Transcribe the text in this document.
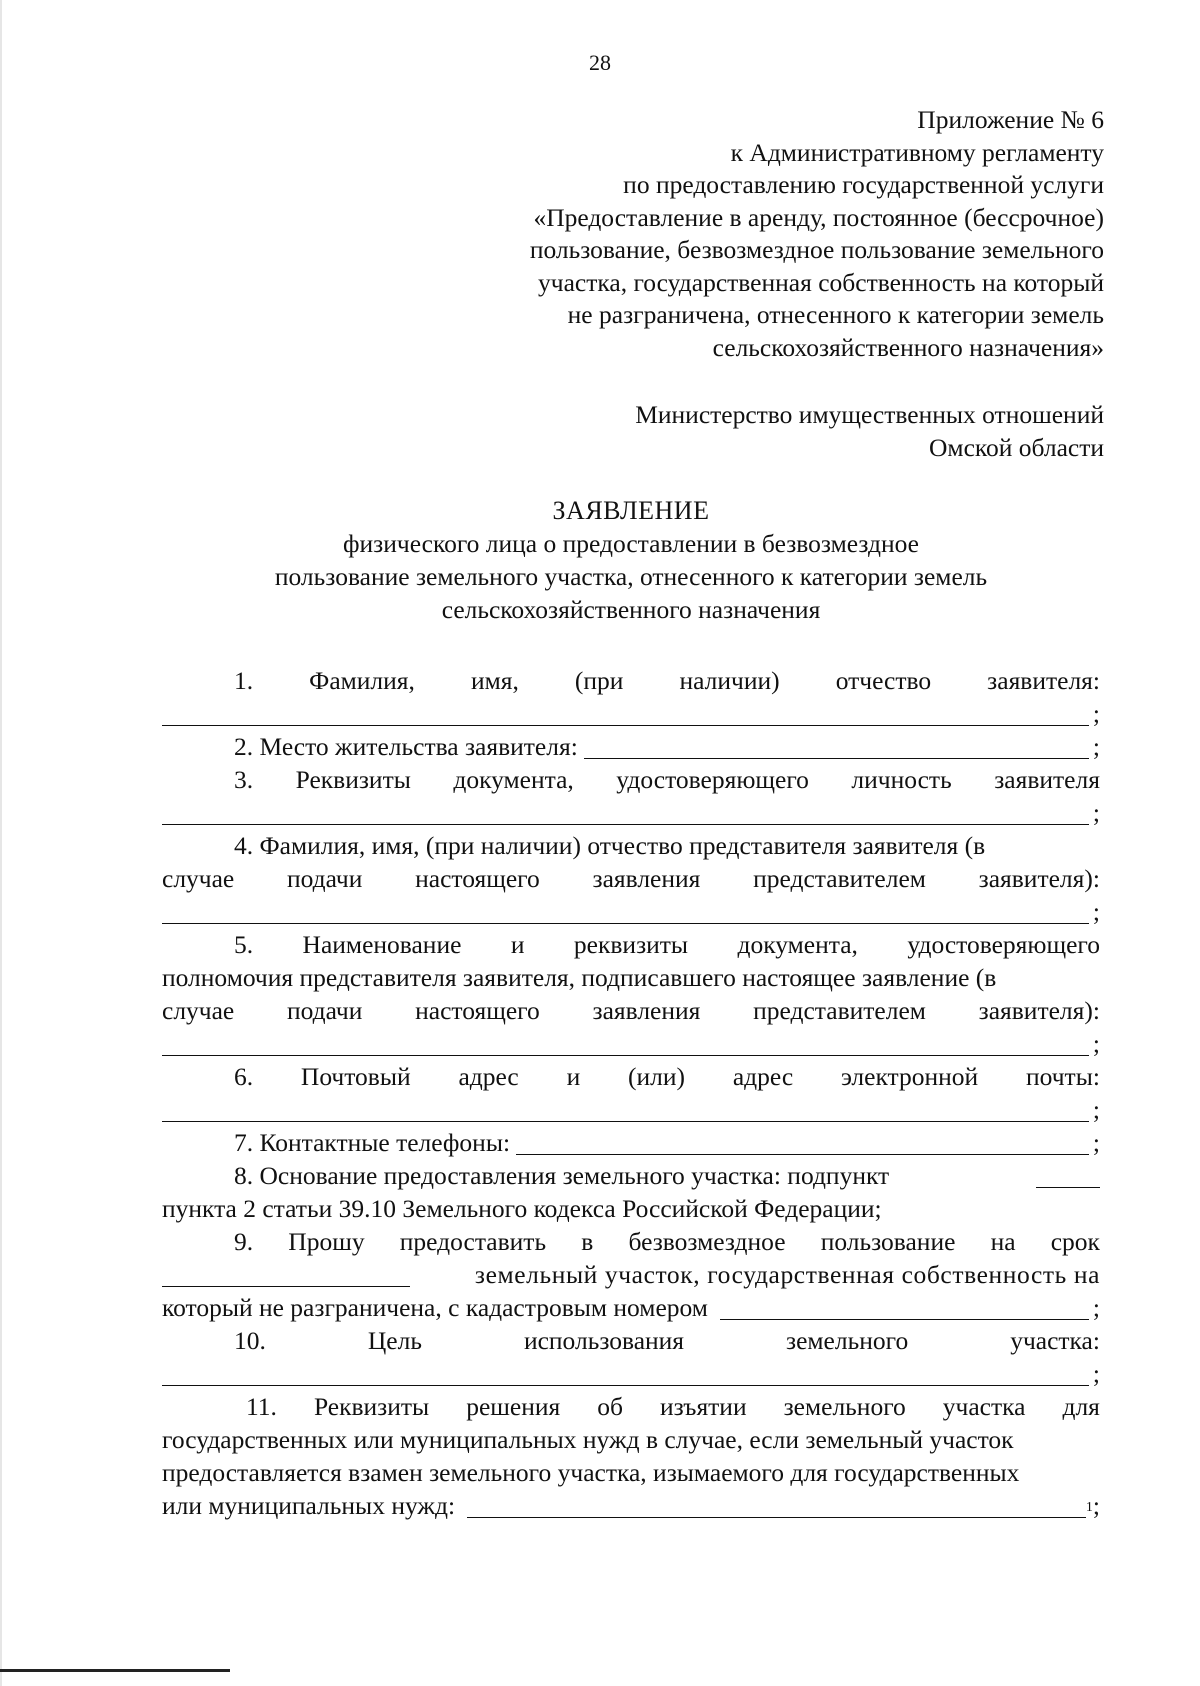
28
Приложение № 6
к Административному регламенту
по предоставлению государственной услуги
«Предоставление в аренду, постоянное (бессрочное)
пользование, безвозмездное пользование земельного
участка, государственная собственность на который
не разграничена, отнесенного к категории земель
сельскохозяйственного назначения»
Министерство имущественных отношений
Омской области
ЗАЯВЛЕНИЕ
физического лица о предоставлении в безвозмездное
пользование земельного участка, отнесенного к категории земель
сельскохозяйственного назначения
1. Фамилия, имя, (при наличии) отчество заявителя:
;
2. Место жительства заявителя:	;
3. Реквизиты документа, удостоверяющего личность заявителя
;
4. Фамилия, имя, (при наличии) отчество представителя заявителя (в
случае подачи настоящего заявления представителем заявителя):
;
5. Наименование и реквизиты документа, удостоверяющего
полномочия представителя заявителя, подписавшего настоящее заявление (в
случае подачи настоящего заявления представителем заявителя):
;
6. Почтовый адрес и (или) адрес электронной почты:
;
7. Контактные телефоны:	;
8. Основание предоставления земельного участка: подпункт
пункта 2 статьи 39.10 Земельного кодекса Российской Федерации;
9. Прошу предоставить в безвозмездное пользование на срок
земельный участок, государственная собственность на
который не разграничена, с кадастровым номером	;
10.	Цель	использования	земельного	участка:
;
11. Реквизиты решения об изъятии земельного участка для
государственных или муниципальных нужд в случае, если земельный участок
предоставляется взамен земельного участка, изымаемого для государственных
или муниципальных нужд:	1 ;
